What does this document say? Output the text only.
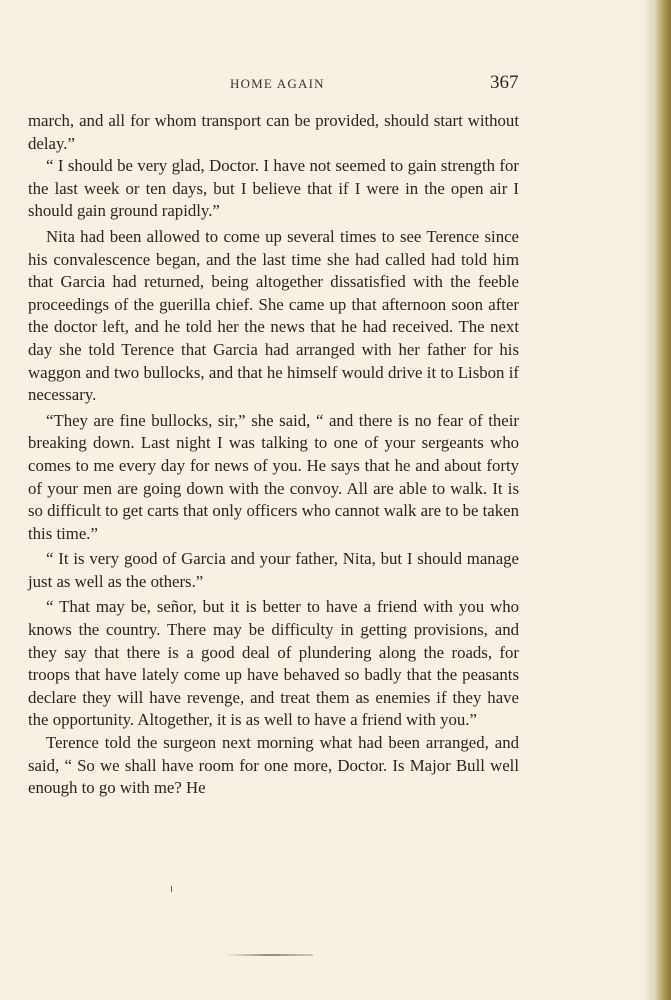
HOME AGAIN	367

march, and all for whom transport can be provided, should start without delay.”

“ I should be very glad, Doctor. I have not seemed to gain strength for the last week or ten days, but I believe that if I were in the open air I should gain ground rapidly.”

Nita had been allowed to come up several times to see Terence since his convalescence began, and the last time she had called had told him that Garcia had returned, being altogether dissatisfied with the feeble proceedings of the guerilla chief. She came up that afternoon soon after the doctor left, and he told her the news that he had received. The next day she told Terence that Garcia had arranged with her father for his waggon and two bullocks, and that he himself would drive it to Lisbon if necessary.

“They are fine bullocks, sir,” she said, “ and there is no fear of their breaking down. Last night I was talking to one of your sergeants who comes to me every day for news of you. He says that he and about forty of your men are going down with the convoy. All are able to walk. It is so difficult to get carts that only officers who cannot walk are to be taken this time.”

“ It is very good of Garcia and your father, Nita, but I should manage just as well as the others.”

“ That may be, señor, but it is better to have a friend with you who knows the country. There may be difficulty in getting provisions, and they say that there is a good deal of plundering along the roads, for troops that have lately come up have behaved so badly that the peasants declare they will have revenge, and treat them as enemies if they have the opportunity. Altogether, it is as well to have a friend with you.”

Terence told the surgeon next morning what had been arranged, and said, “ So we shall have room for one more, Doctor. Is Major Bull well enough to go with me? He
